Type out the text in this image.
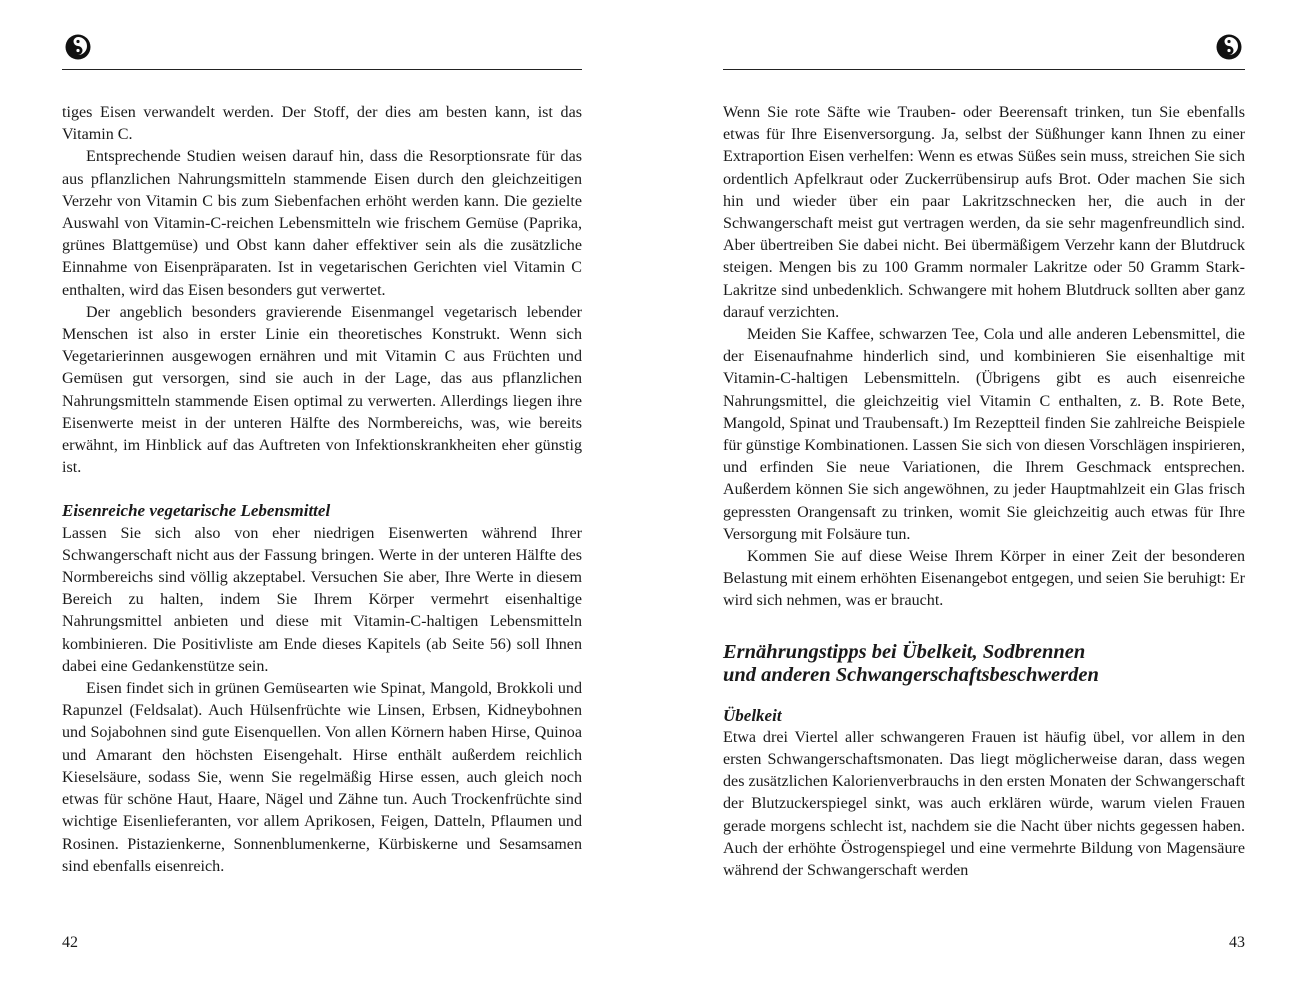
tiges Eisen verwandelt werden. Der Stoff, der dies am besten kann, ist das Vitamin C.

Entsprechende Studien weisen darauf hin, dass die Resorptionsrate für das aus pflanzlichen Nahrungsmitteln stammende Eisen durch den gleichzeitigen Verzehr von Vitamin C bis zum Siebenfachen erhöht werden kann. Die gezielte Auswahl von Vitamin-C-reichen Lebensmitteln wie frischem Gemüse (Paprika, grünes Blattgemüse) und Obst kann daher effektiver sein als die zusätzliche Einnahme von Eisenpräparaten. Ist in vegetarischen Gerichten viel Vitamin C enthalten, wird das Eisen besonders gut verwertet.

Der angeblich besonders gravierende Eisenmangel vegetarisch lebender Menschen ist also in erster Linie ein theoretisches Konstrukt. Wenn sich Vegetarierinnen ausgewogen ernähren und mit Vitamin C aus Früchten und Gemüsen gut versorgen, sind sie auch in der Lage, das aus pflanzlichen Nahrungsmitteln stammende Eisen optimal zu verwerten. Allerdings liegen ihre Eisenwerte meist in der unteren Hälfte des Normbereichs, was, wie bereits erwähnt, im Hinblick auf das Auftreten von Infektionskrankheiten eher günstig ist.

Eisenreiche vegetarische Lebensmittel

Lassen Sie sich also von eher niedrigen Eisenwerten während Ihrer Schwangerschaft nicht aus der Fassung bringen. Werte in der unteren Hälfte des Normbereichs sind völlig akzeptabel. Versuchen Sie aber, Ihre Werte in diesem Bereich zu halten, indem Sie Ihrem Körper vermehrt eisenhaltige Nahrungsmittel anbieten und diese mit Vitamin-C-haltigen Lebensmitteln kombinieren. Die Positivliste am Ende dieses Kapitels (ab Seite 56) soll Ihnen dabei eine Gedankenstütze sein.

Eisen findet sich in grünen Gemüsearten wie Spinat, Mangold, Brokkoli und Rapunzel (Feldsalat). Auch Hülsenfrüchte wie Linsen, Erbsen, Kidneybohnen und Sojabohnen sind gute Eisenquellen. Von allen Körnern haben Hirse, Quinoa und Amarant den höchsten Eisengehalt. Hirse enthält außerdem reichlich Kieselsäure, sodass Sie, wenn Sie regelmäßig Hirse essen, auch gleich noch etwas für schöne Haut, Haare, Nägel und Zähne tun. Auch Trockenfrüchte sind wichtige Eisenlieferanten, vor allem Aprikosen, Feigen, Datteln, Pflaumen und Rosinen. Pistazienkerne, Sonnenblumenkerne, Kürbiskerne und Sesamsamen sind ebenfalls eisenreich.

42

Wenn Sie rote Säfte wie Trauben- oder Beerensaft trinken, tun Sie ebenfalls etwas für Ihre Eisenversorgung. Ja, selbst der Süßhunger kann Ihnen zu einer Extraportion Eisen verhelfen: Wenn es etwas Süßes sein muss, streichen Sie sich ordentlich Apfelkraut oder Zuckerrübensirup aufs Brot. Oder machen Sie sich hin und wieder über ein paar Lakritzschnecken her, die auch in der Schwangerschaft meist gut vertragen werden, da sie sehr magenfreundlich sind. Aber übertreiben Sie dabei nicht. Bei übermäßigem Verzehr kann der Blutdruck steigen. Mengen bis zu 100 Gramm normaler Lakritze oder 50 Gramm Stark-Lakritze sind unbedenklich. Schwangere mit hohem Blutdruck sollten aber ganz darauf verzichten.

Meiden Sie Kaffee, schwarzen Tee, Cola und alle anderen Lebensmittel, die der Eisenaufnahme hinderlich sind, und kombinieren Sie eisenhaltige mit Vitamin-C-haltigen Lebensmitteln. (Übrigens gibt es auch eisenreiche Nahrungsmittel, die gleichzeitig viel Vitamin C enthalten, z. B. Rote Bete, Mangold, Spinat und Traubensaft.) Im Rezeptteil finden Sie zahlreiche Beispiele für günstige Kombinationen. Lassen Sie sich von diesen Vorschlägen inspirieren, und erfinden Sie neue Variationen, die Ihrem Geschmack entsprechen. Außerdem können Sie sich angewöhnen, zu jeder Hauptmahlzeit ein Glas frisch gepressten Orangensaft zu trinken, womit Sie gleichzeitig auch etwas für Ihre Versorgung mit Folsäure tun.

Kommen Sie auf diese Weise Ihrem Körper in einer Zeit der besonderen Belastung mit einem erhöhten Eisenangebot entgegen, und seien Sie beruhigt: Er wird sich nehmen, was er braucht.

Ernährungstipps bei Übelkeit, Sodbrennen
und anderen Schwangerschaftsbeschwerden
Übelkeit

Etwa drei Viertel aller schwangeren Frauen ist häufig übel, vor allem in den ersten Schwangerschaftsmonaten. Das liegt möglicherweise daran, dass wegen des zusätzlichen Kalorienverbrauchs in den ersten Monaten der Schwangerschaft der Blutzuckerspiegel sinkt, was auch erklären würde, warum vielen Frauen gerade morgens schlecht ist, nachdem sie die Nacht über nichts gegessen haben. Auch der erhöhte Östrogenspiegel und eine vermehrte Bildung von Magensäure während der Schwangerschaft werden

43
